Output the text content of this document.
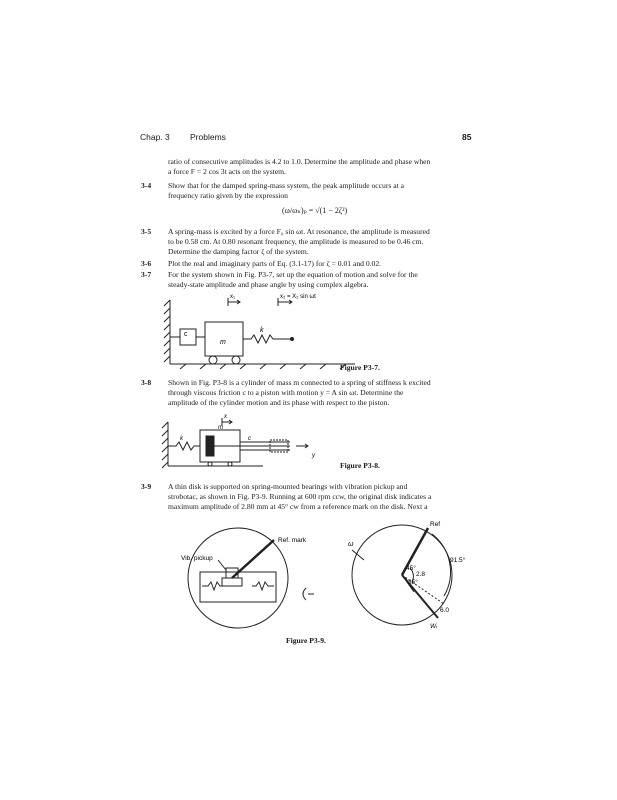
Chap. 3 Problems	85

ratio of consecutive amplitudes is 4.2 to 1.0. Determine the amplitude and phase when
a force F = 2 cos 3t acts on the system.

3-4 Show that for the damped spring-mass system, the peak amplitude occurs at a
frequency ratio given by the expression

(ω/ωₙ)ₚ = √(1 − 2ζ²)
3-5 A spring-mass is excited by a force F₀ sin ωt. At resonance, the amplitude is measured
to be 0.58 cm. At 0.80 resonant frequency, the amplitude is measured to be 0.46 cm.
Determine the damping factor ζ of the system.

3-6 Plot the real and imaginary parts of Eq. (3.1-17) for ζ = 0.01 and 0.02.

3-7 For the system shown in Fig. P3-7, set up the equation of motion and solve for the
steady-state amplitude and phase angle by using complex algebra.

x₁	x₂ = X₂ sin ωt
c
k
m
Figure P3-7.
3-8 Shown in Fig. P3-8 is a cylinder of mass m connected to a spring of stiffness k excited
through viscous friction c to a piston with motion y = A sin ωt. Determine the
amplitude of the cylinder motion and its phase with respect to the piston.

x
k
m
c
y
Figure P3-8.
3-9 A thin disk is supported on spring-mounted bearings with vibration pickup and
strobotac, as shown in Fig. P3-9. Running at 600 rpm ccw, the original disk indicates a
maximum amplitude of 2.80 mm at 45° cw from a reference mark on the disk. Next a

Vib. pickup
Ref. mark
ω
Ref
91.5°
45°
2.8
35°
6.0
Wᵣ
Figure P3-9.
